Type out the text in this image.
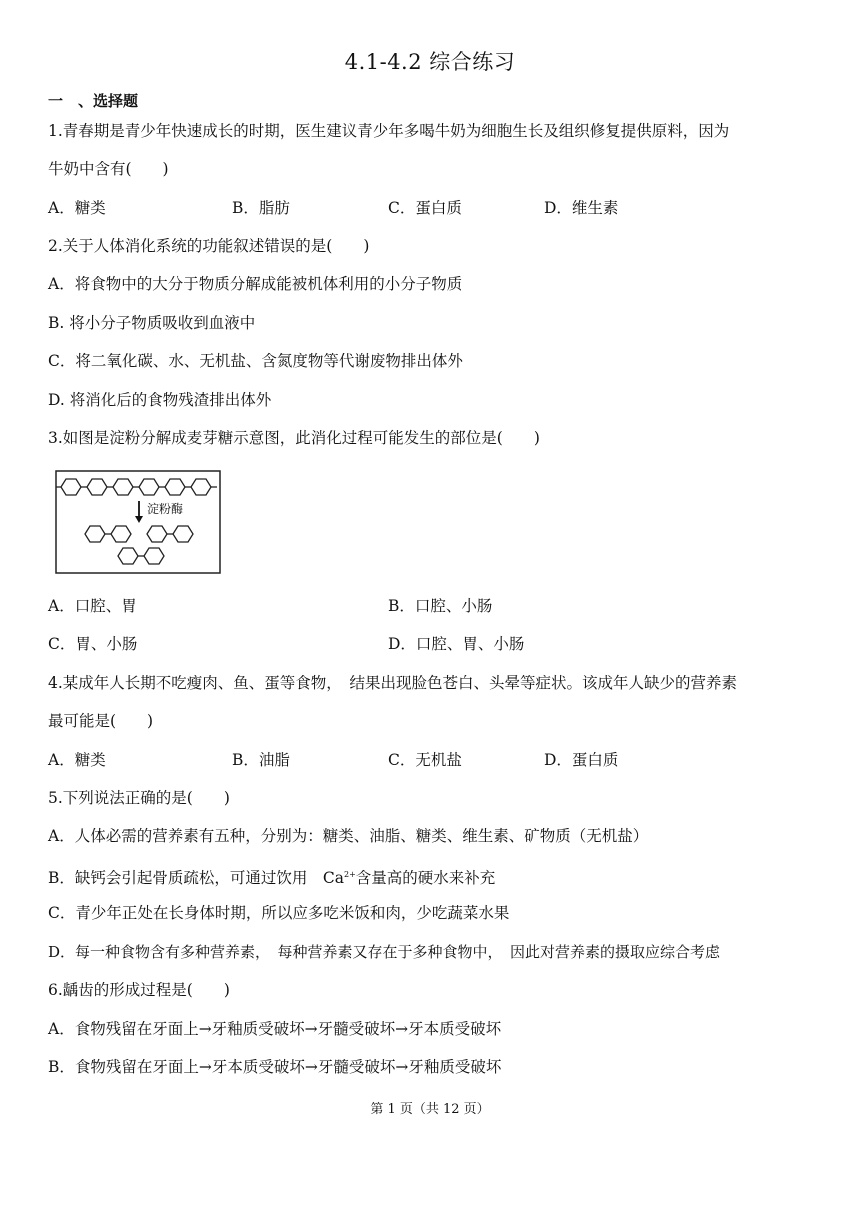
4.1-4.2 综合练习
一　、选择题
1.青春期是青少年快速成长的时期，医生建议青少年多喝牛奶为细胞生长及组织修复提供原料，因为
牛奶中含有(　　)
A．糖类	B．脂肪	C．蛋白质	D．维生素
2.关于人体消化系统的功能叙述错误的是(　　)
A．将食物中的大分于物质分解成能被机体利用的小分子物质
B. 将小分子物质吸收到血液中
C．将二氧化碳、水、无机盐、含氮度物等代谢废物排出体外
D. 将消化后的食物残渣排出体外
3.如图是淀粉分解成麦芽糖示意图，此消化过程可能发生的部位是(　　)
淀粉酶
A．口腔、胃	B．口腔、小肠
C．胃、小肠	D．口腔、胃、小肠
4.某成年人长期不吃瘦肉、鱼、蛋等食物，　结果出现脸色苍白、头晕等症状。该成年人缺少的营养素
最可能是(　　)
A．糖类	B．油脂	C．无机盐	D．蛋白质
5.下列说法正确的是(　　)
A．人体必需的营养素有五种，分别为：糖类、油脂、糖类、维生素、矿物质（无机盐）
B．缺钙会引起骨质疏松，可通过饮用　$Ca^{2+}$含量高的硬水来补充
C．青少年正处在长身体时期，所以应多吃米饭和肉，少吃蔬菜水果
D．每一种食物含有多种营养素，　每种营养素又存在于多种食物中，　因此对营养素的摄取应综合考虑
6.龋齿的形成过程是(　　)
A．食物残留在牙面上→牙釉质受破坏→牙髓受破坏→牙本质受破坏
B．食物残留在牙面上→牙本质受破坏→牙髓受破坏→牙釉质受破坏
第 1 页（共 12 页）
